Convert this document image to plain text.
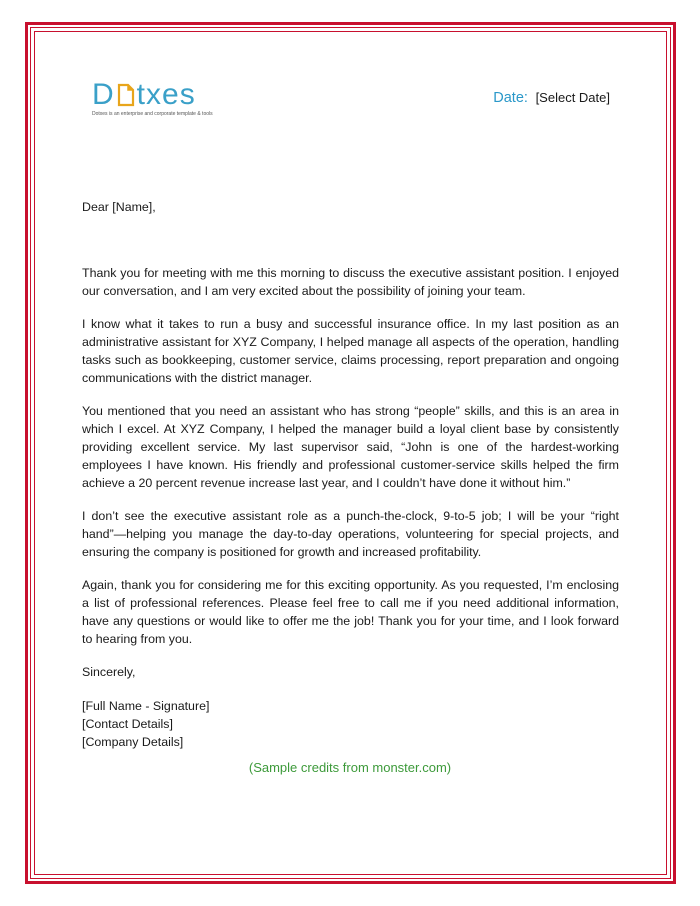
D txes
Dotxes is an enterprise and corporate template & tools
Date: [Select Date]

Dear [Name],

Thank you for meeting with me this morning to discuss the executive assistant position. I enjoyed our conversation, and I am very excited about the possibility of joining your team.

I know what it takes to run a busy and successful insurance office. In my last position as an administrative assistant for XYZ Company, I helped manage all aspects of the operation, handling tasks such as bookkeeping, customer service, claims processing, report preparation and ongoing communications with the district manager.

You mentioned that you need an assistant who has strong “people” skills, and this is an area in which I excel. At XYZ Company, I helped the manager build a loyal client base by consistently providing excellent service. My last supervisor said, “John is one of the hardest-working employees I have known. His friendly and professional customer-service skills helped the firm achieve a 20 percent revenue increase last year, and I couldn’t have done it without him.”

I don’t see the executive assistant role as a punch-the-clock, 9-to-5 job; I will be your “right hand”—helping you manage the day-to-day operations, volunteering for special projects, and ensuring the company is positioned for growth and increased profitability.

Again, thank you for considering me for this exciting opportunity. As you requested, I’m enclosing a list of professional references. Please feel free to call me if you need additional information, have any questions or would like to offer me the job! Thank you for your time, and I look forward to hearing from you.

Sincerely,

[Full Name - Signature]

[Contact Details]

[Company Details]

(Sample credits from monster.com)
